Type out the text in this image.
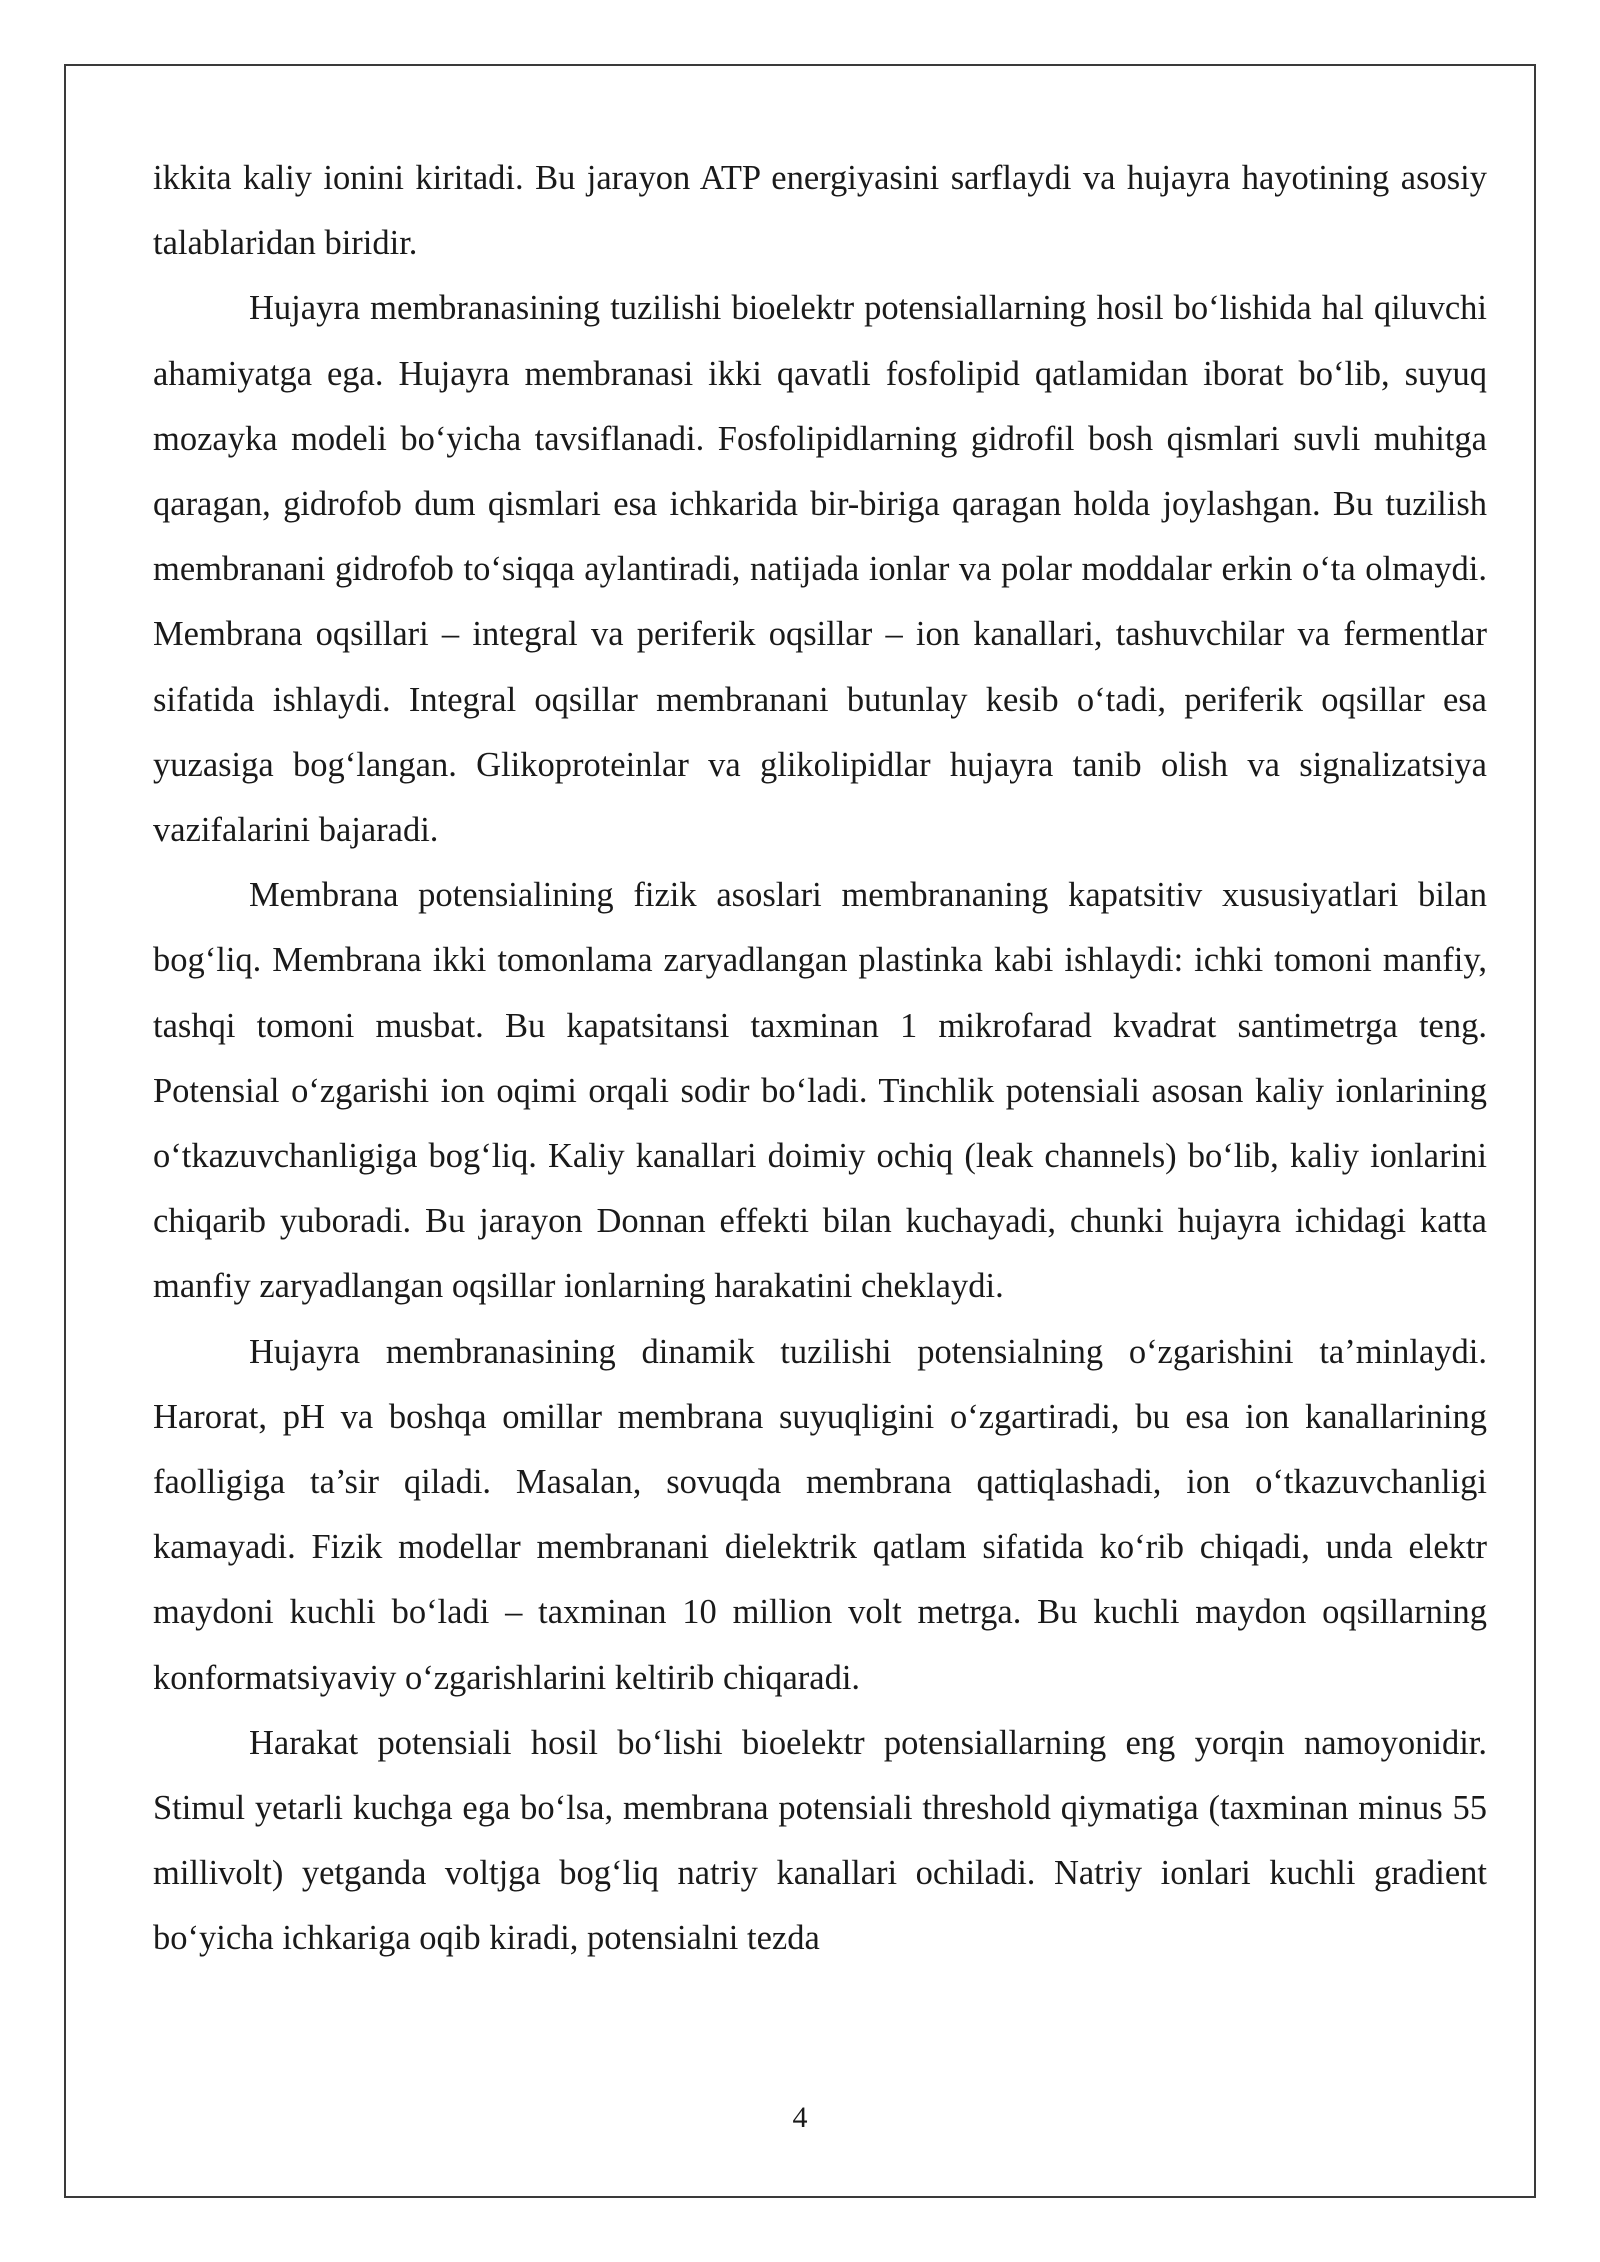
ikkita kaliy ionini kiritadi. Bu jarayon ATP energiyasini sarflaydi va hujayra hayotining asosiy talablaridan biridir.

Hujayra membranasining tuzilishi bioelektr potensiallarning hosil bo‘lishida hal qiluvchi ahamiyatga ega. Hujayra membranasi ikki qavatli fosfolipid qatlamidan iborat bo‘lib, suyuq mozayka modeli bo‘yicha tavsiflanadi. Fosfolipidlarning gidrofil bosh qismlari suvli muhitga qaragan, gidrofob dum qismlari esa ichkarida bir-biriga qaragan holda joylashgan. Bu tuzilish membranani gidrofob to‘siqqa aylantiradi, natijada ionlar va polar moddalar erkin o‘ta olmaydi. Membrana oqsillari – integral va periferik oqsillar – ion kanallari, tashuvchilar va fermentlar sifatida ishlaydi. Integral oqsillar membranani butunlay kesib o‘tadi, periferik oqsillar esa yuzasiga bog‘langan. Glikoproteinlar va glikolipidlar hujayra tanib olish va signalizatsiya vazifalarini bajaradi.

Membrana potensialining fizik asoslari membrananing kapatsitiv xususiyatlari bilan bog‘liq. Membrana ikki tomonlama zaryadlangan plastinka kabi ishlaydi: ichki tomoni manfiy, tashqi tomoni musbat. Bu kapatsitansi taxminan 1 mikrofarad kvadrat santimetrga teng. Potensial o‘zgarishi ion oqimi orqali sodir bo‘ladi. Tinchlik potensiali asosan kaliy ionlarining o‘tkazuvchanligiga bog‘liq. Kaliy kanallari doimiy ochiq (leak channels) bo‘lib, kaliy ionlarini chiqarib yuboradi. Bu jarayon Donnan effekti bilan kuchayadi, chunki hujayra ichidagi katta manfiy zaryadlangan oqsillar ionlarning harakatini cheklaydi.

Hujayra membranasining dinamik tuzilishi potensialning o‘zgarishini ta’minlaydi. Harorat, pH va boshqa omillar membrana suyuqligini o‘zgartiradi, bu esa ion kanallarining faolligiga ta’sir qiladi. Masalan, sovuqda membrana qattiqlashadi, ion o‘tkazuvchanligi kamayadi. Fizik modellar membranani dielektrik qatlam sifatida ko‘rib chiqadi, unda elektr maydoni kuchli bo‘ladi – taxminan 10 million volt metrga. Bu kuchli maydon oqsillarning konformatsiyaviy o‘zgarishlarini keltirib chiqaradi.

Harakat potensiali hosil bo‘lishi bioelektr potensiallarning eng yorqin namoyonidir. Stimul yetarli kuchga ega bo‘lsa, membrana potensiali threshold qiymatiga (taxminan minus 55 millivolt) yetganda voltjga bog‘liq natriy kanallari ochiladi. Natriy ionlari kuchli gradient bo‘yicha ichkariga oqib kiradi, potensialni tezda

4
